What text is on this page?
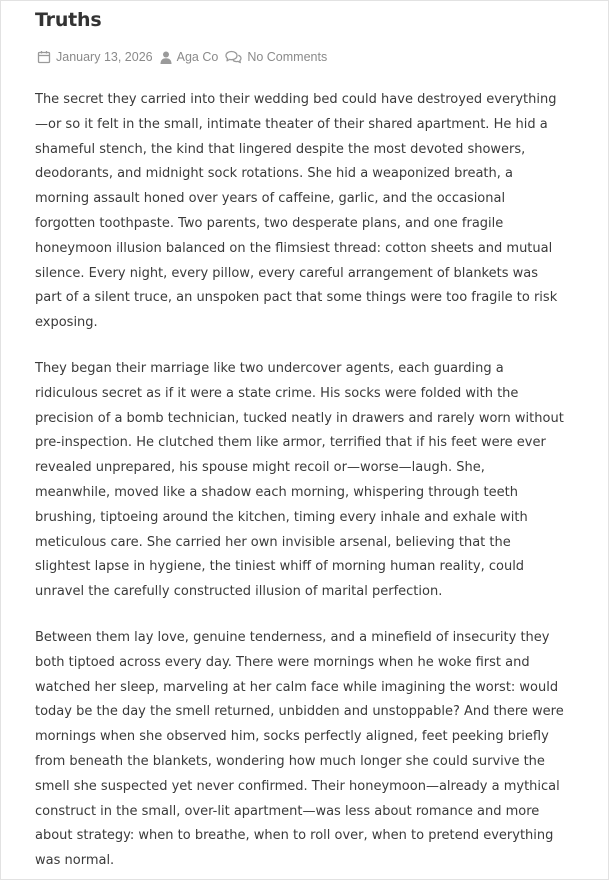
Truths
January 13, 2026 Aga Co No Comments

The secret they carried into their wedding bed could have destroyed everything
—or so it felt in the small, intimate theater of their shared apartment. He hid a
shameful stench, the kind that lingered despite the most devoted showers,
deodorants, and midnight sock rotations. She hid a weaponized breath, a
morning assault honed over years of caffeine, garlic, and the occasional
forgotten toothpaste. Two parents, two desperate plans, and one fragile
honeymoon illusion balanced on the flimsiest thread: cotton sheets and mutual
silence. Every night, every pillow, every careful arrangement of blankets was
part of a silent truce, an unspoken pact that some things were too fragile to risk
exposing.

They began their marriage like two undercover agents, each guarding a
ridiculous secret as if it were a state crime. His socks were folded with the
precision of a bomb technician, tucked neatly in drawers and rarely worn without
pre-inspection. He clutched them like armor, terrified that if his feet were ever
revealed unprepared, his spouse might recoil or—worse—laugh. She,
meanwhile, moved like a shadow each morning, whispering through teeth
brushing, tiptoeing around the kitchen, timing every inhale and exhale with
meticulous care. She carried her own invisible arsenal, believing that the
slightest lapse in hygiene, the tiniest whiff of morning human reality, could
unravel the carefully constructed illusion of marital perfection.

Between them lay love, genuine tenderness, and a minefield of insecurity they
both tiptoed across every day. There were mornings when he woke first and
watched her sleep, marveling at her calm face while imagining the worst: would
today be the day the smell returned, unbidden and unstoppable? And there were
mornings when she observed him, socks perfectly aligned, feet peeking briefly
from beneath the blankets, wondering how much longer she could survive the
smell she suspected yet never confirmed. Their honeymoon—already a mythical
construct in the small, over-lit apartment—was less about romance and more
about strategy: when to breathe, when to roll over, when to pretend everything
was normal.
